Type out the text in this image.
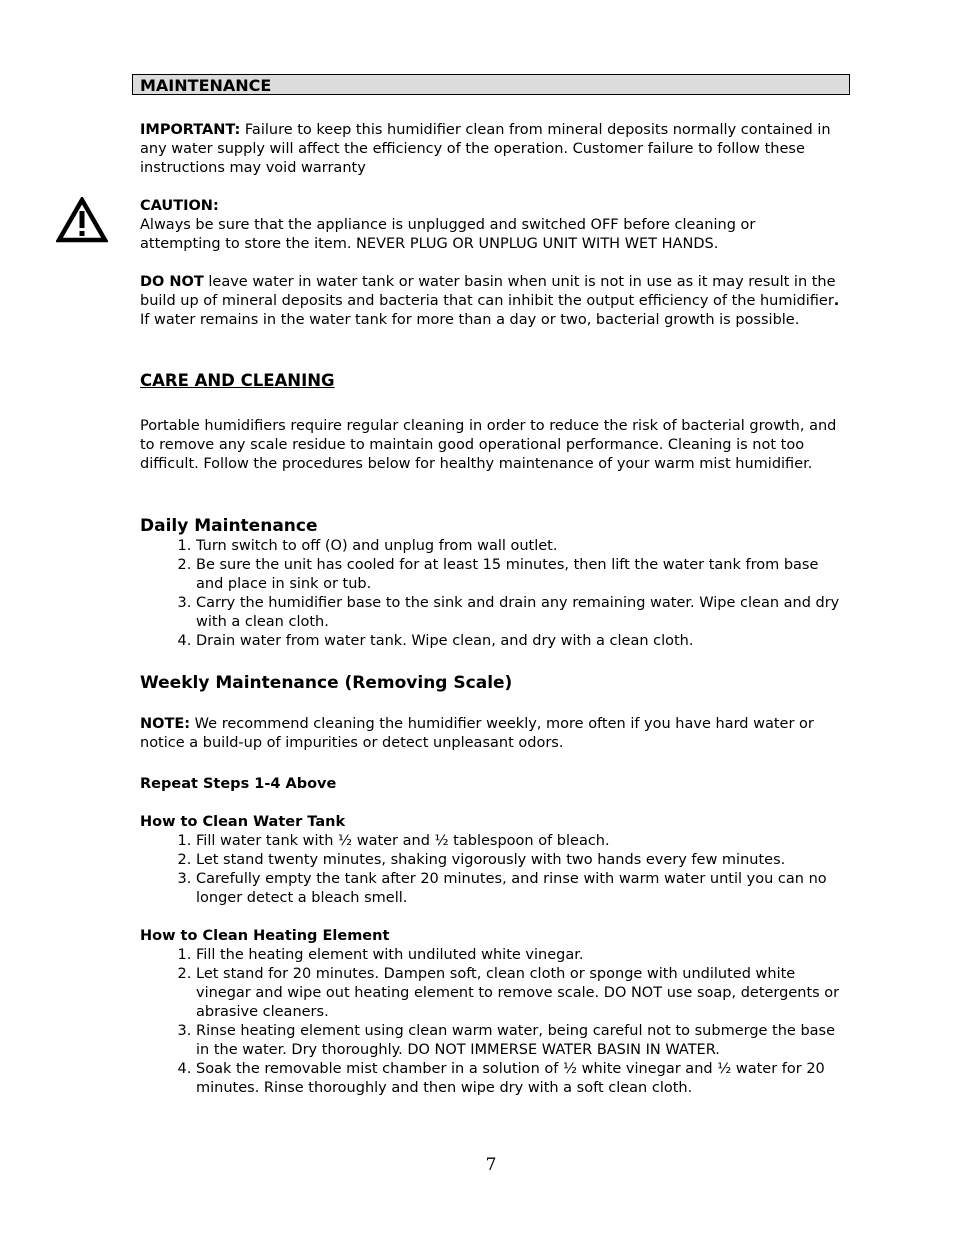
MAINTENANCE

IMPORTANT: Failure to keep this humidifier clean from mineral deposits normally contained in any water supply will affect the efficiency of the operation. Customer failure to follow these instructions may void warranty

CAUTION:

Always be sure that the appliance is unplugged and switched OFF before cleaning or attempting to store the item. NEVER PLUG OR UNPLUG UNIT WITH WET HANDS.

DO NOT leave water in water tank or water basin when unit is not in use as it may result in the build up of mineral deposits and bacteria that can inhibit the output efficiency of the humidifier. If water remains in the water tank for more than a day or two, bacterial growth is possible.

CARE AND CLEANING

Portable humidifiers require regular cleaning in order to reduce the risk of bacterial growth, and to remove any scale residue to maintain good operational performance. Cleaning is not too difficult. Follow the procedures below for healthy maintenance of your warm mist humidifier.

Daily Maintenance

1. Turn switch to off (O) and unplug from wall outlet.
2. Be sure the unit has cooled for at least 15 minutes, then lift the water tank from base and place in sink or tub.
3. Carry the humidifier base to the sink and drain any remaining water. Wipe clean and dry with a clean cloth.
4. Drain water from water tank. Wipe clean, and dry with a clean cloth.

Weekly Maintenance (Removing Scale)

NOTE: We recommend cleaning the humidifier weekly, more often if you have hard water or notice a build-up of impurities or detect unpleasant odors.

Repeat Steps 1-4 Above

How to Clean Water Tank

1. Fill water tank with ½ water and ½ tablespoon of bleach.
2. Let stand twenty minutes, shaking vigorously with two hands every few minutes.
3. Carefully empty the tank after 20 minutes, and rinse with warm water until you can no longer detect a bleach smell.

How to Clean Heating Element

1. Fill the heating element with undiluted white vinegar.
2. Let stand for 20 minutes. Dampen soft, clean cloth or sponge with undiluted white vinegar and wipe out heating element to remove scale. DO NOT use soap, detergents or abrasive cleaners.
3. Rinse heating element using clean warm water, being careful not to submerge the base in the water. Dry thoroughly. DO NOT IMMERSE WATER BASIN IN WATER.
4. Soak the removable mist chamber in a solution of ½ white vinegar and ½ water for 20 minutes. Rinse thoroughly and then wipe dry with a soft clean cloth.
7
